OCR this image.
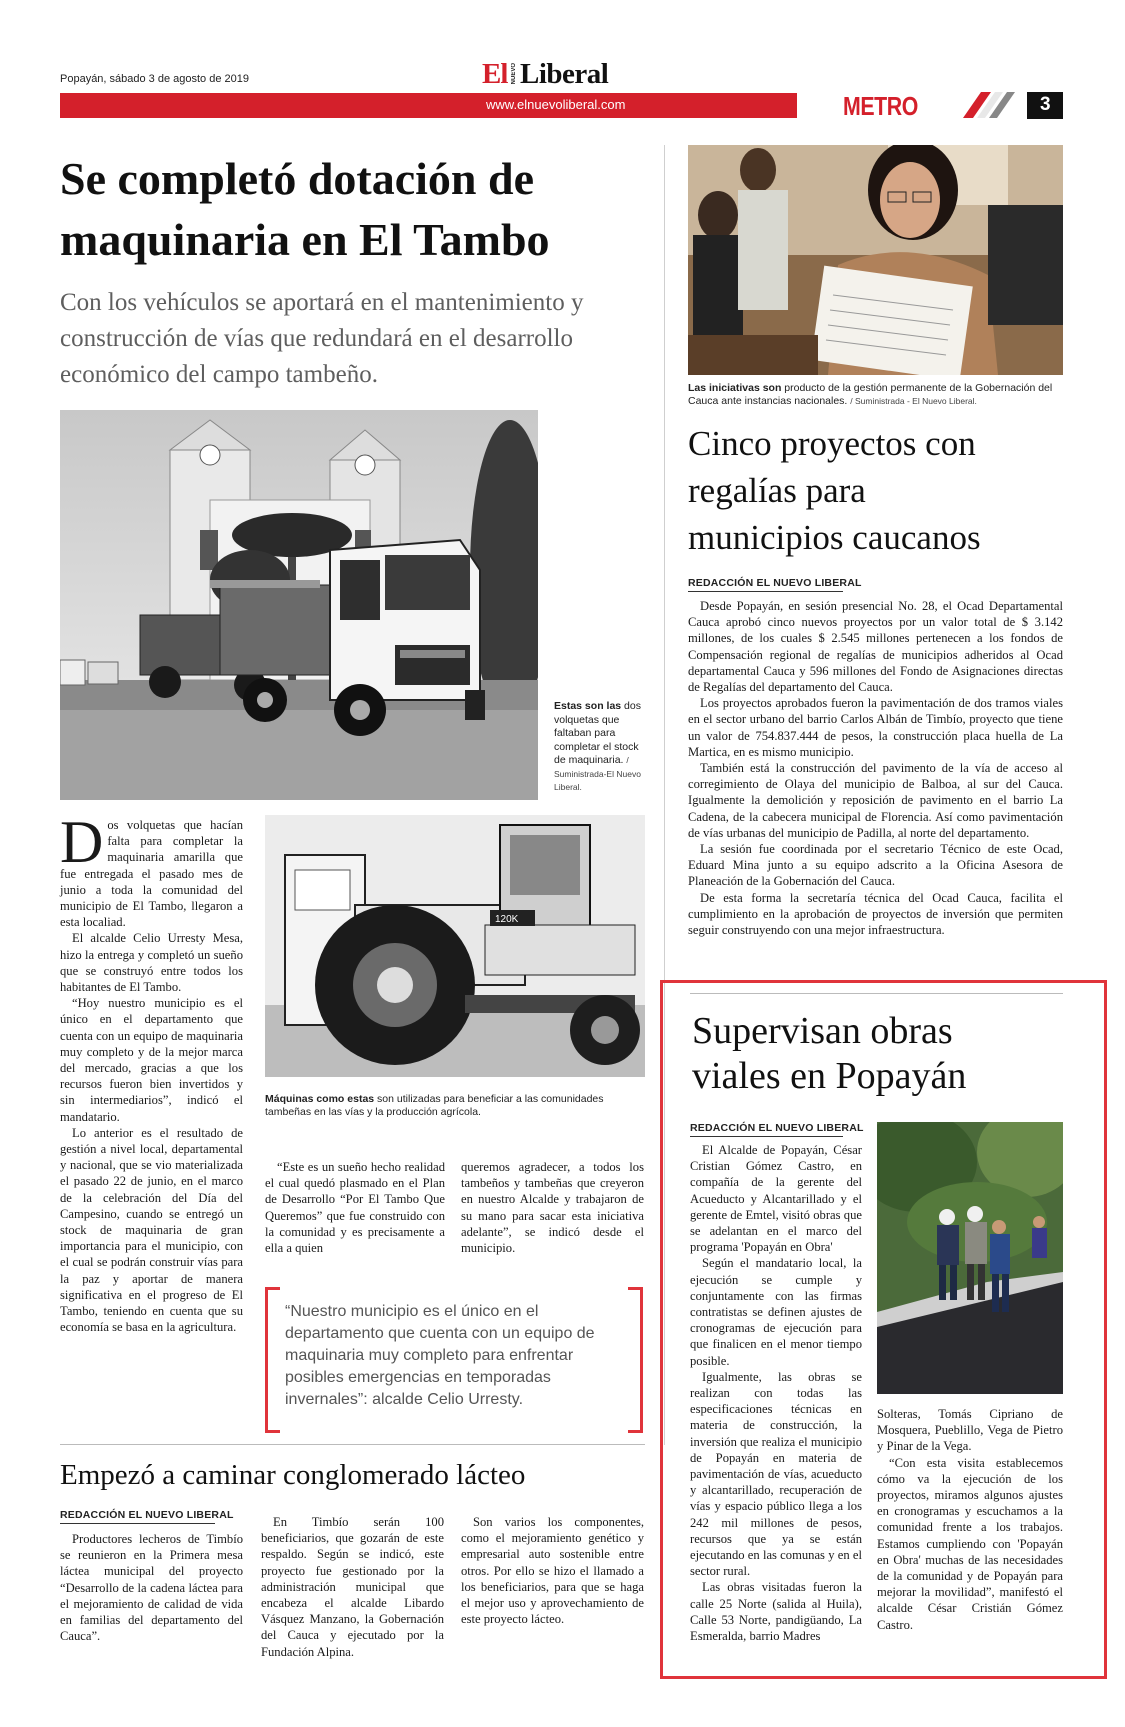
Popayán, sábado 3 de agosto de 2019	El NUEVO Liberal
www.elnuevoliberal.com	METRO	3
Se completó dotación de maquinaria en El Tambo
Con los vehículos se aportará en el mantenimiento y construcción de vías que redundará en el desarrollo económico del campo tambeño.
Estas son las dos volquetas que faltaban para completar el stock de maquinaria. / Suministrada-El Nuevo Liberal.

Dos volquetas que hacían falta para completar la maquinaria amarilla que fue entregada el pasado mes de junio a toda la comunidad del municipio de El Tambo, llegaron a esta localiad.

El alcalde Celio Urresty Mesa, hizo la entrega y completó un sueño que se construyó entre todos los habitantes de El Tambo.

“Hoy nuestro municipio es el único en el departamento que cuenta con un equipo de maquinaria muy completo y de la mejor marca del mercado, gracias a que los recursos fueron bien invertidos y sin intermediarios”, indicó el mandatario.

Lo anterior es el resultado de gestión a nivel local, departamental y nacional, que se vio materializada el pasado 22 de junio, en el marco de la celebración del Día del Campesino, cuando se entregó un stock de maquinaria de gran importancia para el municipio, con el cual se podrán construir vías para la paz y aportar de manera significativa en el progreso de El Tambo, teniendo en cuenta que su economía se basa en la agricultura.

120K
Máquinas como estas son utilizadas para beneficiar a las comunidades tambeñas en las vías y la producción agrícola.

“Este es un sueño hecho realidad el cual quedó plasmado en el Plan de Desarrollo “Por El Tambo Que Queremos” que fue construido con la comunidad y es precisamente a ella a quien

queremos agradecer, a todos los tambeños y tambeñas que creyeron en nuestro Alcalde y trabajaron de su mano para sacar esta iniciativa adelante”, se indicó desde el municipio.

“Nuestro municipio es el único en el departamento que cuenta con un equipo de maquinaria muy completo para enfrentar posibles emergencias en temporadas invernales”: alcalde Celio Urresty.
Empezó a caminar conglomerado lácteo
REDACCIÓN EL NUEVO LIBERAL

Productores lecheros de Timbío se reunieron en la Primera mesa láctea municipal del proyecto “Desarrollo de la cadena láctea para el mejoramiento de calidad de vida en familias del departamento del Cauca”.

En Timbío serán 100 beneficiarios, que gozarán de este respaldo. Según se indicó, este proyecto fue gestionado por la administración municipal que encabeza el alcalde Libardo Vásquez Manzano, la Gobernación del Cauca y ejecutado por la Fundación Alpina.

Son varios los componentes, como el mejoramiento genético y empresarial auto sostenible entre otros. Por ello se hizo el llamado a los beneficiarios, para que se haga el mejor uso y aprovechamiento de este proyecto lácteo.

Las iniciativas son producto de la gestión permanente de la Gobernación del Cauca ante instancias nacionales. / Suministrada - El Nuevo Liberal.
Cinco proyectos con regalías para municipios caucanos
REDACCIÓN EL NUEVO LIBERAL

Desde Popayán, en sesión presencial No. 28, el Ocad Departamental Cauca aprobó cinco nuevos proyectos por un valor total de $ 3.142 millones, de los cuales $ 2.545 millones pertenecen a los fondos de Compensación regional de regalías de municipios adheridos al Ocad departamental Cauca y 596 millones del Fondo de Asignaciones directas de Regalías del departamento del Cauca.

Los proyectos aprobados fueron la pavimentación de dos tramos viales en el sector urbano del barrio Carlos Albán de Timbío, proyecto que tiene un valor de 754.837.444 de pesos, la construcción placa huella de La Martica, en es mismo municipio.

También está la construcción del pavimento de la vía de acceso al corregimiento de Olaya del municipio de Balboa, al sur del Cauca. Igualmente la demolición y reposición de pavimento en el barrio La Cadena, de la cabecera municipal de Florencia. Así como pavimentación de vías urbanas del municipio de Padilla, al norte del departamento.

La sesión fue coordinada por el secretario Técnico de este Ocad, Eduard Mina junto a su equipo adscrito a la Oficina Asesora de Planeación de la Gobernación del Cauca.

De esta forma la secretaría técnica del Ocad Cauca, facilita el cumplimiento en la aprobación de proyectos de inversión que permiten seguir construyendo con una mejor infraestructura.

Supervisan obras viales en Popayán
REDACCIÓN EL NUEVO LIBERAL

El Alcalde de Popayán, César Cristian Gómez Castro, en compañía de la gerente del Acueducto y Alcantarillado y el gerente de Emtel, visitó obras que se adelantan en el marco del programa 'Popayán en Obra'

Según el mandatario local, la ejecución se cumple y conjuntamente con las firmas contratistas se definen ajustes de cronogramas de ejecución para que finalicen en el menor tiempo posible.

Igualmente, las obras se realizan con todas las especificaciones técnicas en materia de construcción, la inversión que realiza el municipio de Popayán en materia de pavimentación de vías, acueducto y alcantarillado, recuperación de vías y espacio público llega a los 242 mil millones de pesos, recursos que ya se están ejecutando en las comunas y en el sector rural.

Las obras visitadas fueron la calle 25 Norte (salida al Huila), Calle 53 Norte, pandigüando, La Esmeralda, barrio Madres

Solteras, Tomás Cipriano de Mosquera, Pueblillo, Vega de Pietro y Pinar de la Vega.

“Con esta visita establecemos cómo va la ejecución de los proyectos, miramos algunos ajustes en cronogramas y escuchamos a la comunidad frente a los trabajos. Estamos cumpliendo con 'Popayán en Obra' muchas de las necesidades de la comunidad y de Popayán para mejorar la movilidad”, manifestó el alcalde César Cristián Gómez Castro.
